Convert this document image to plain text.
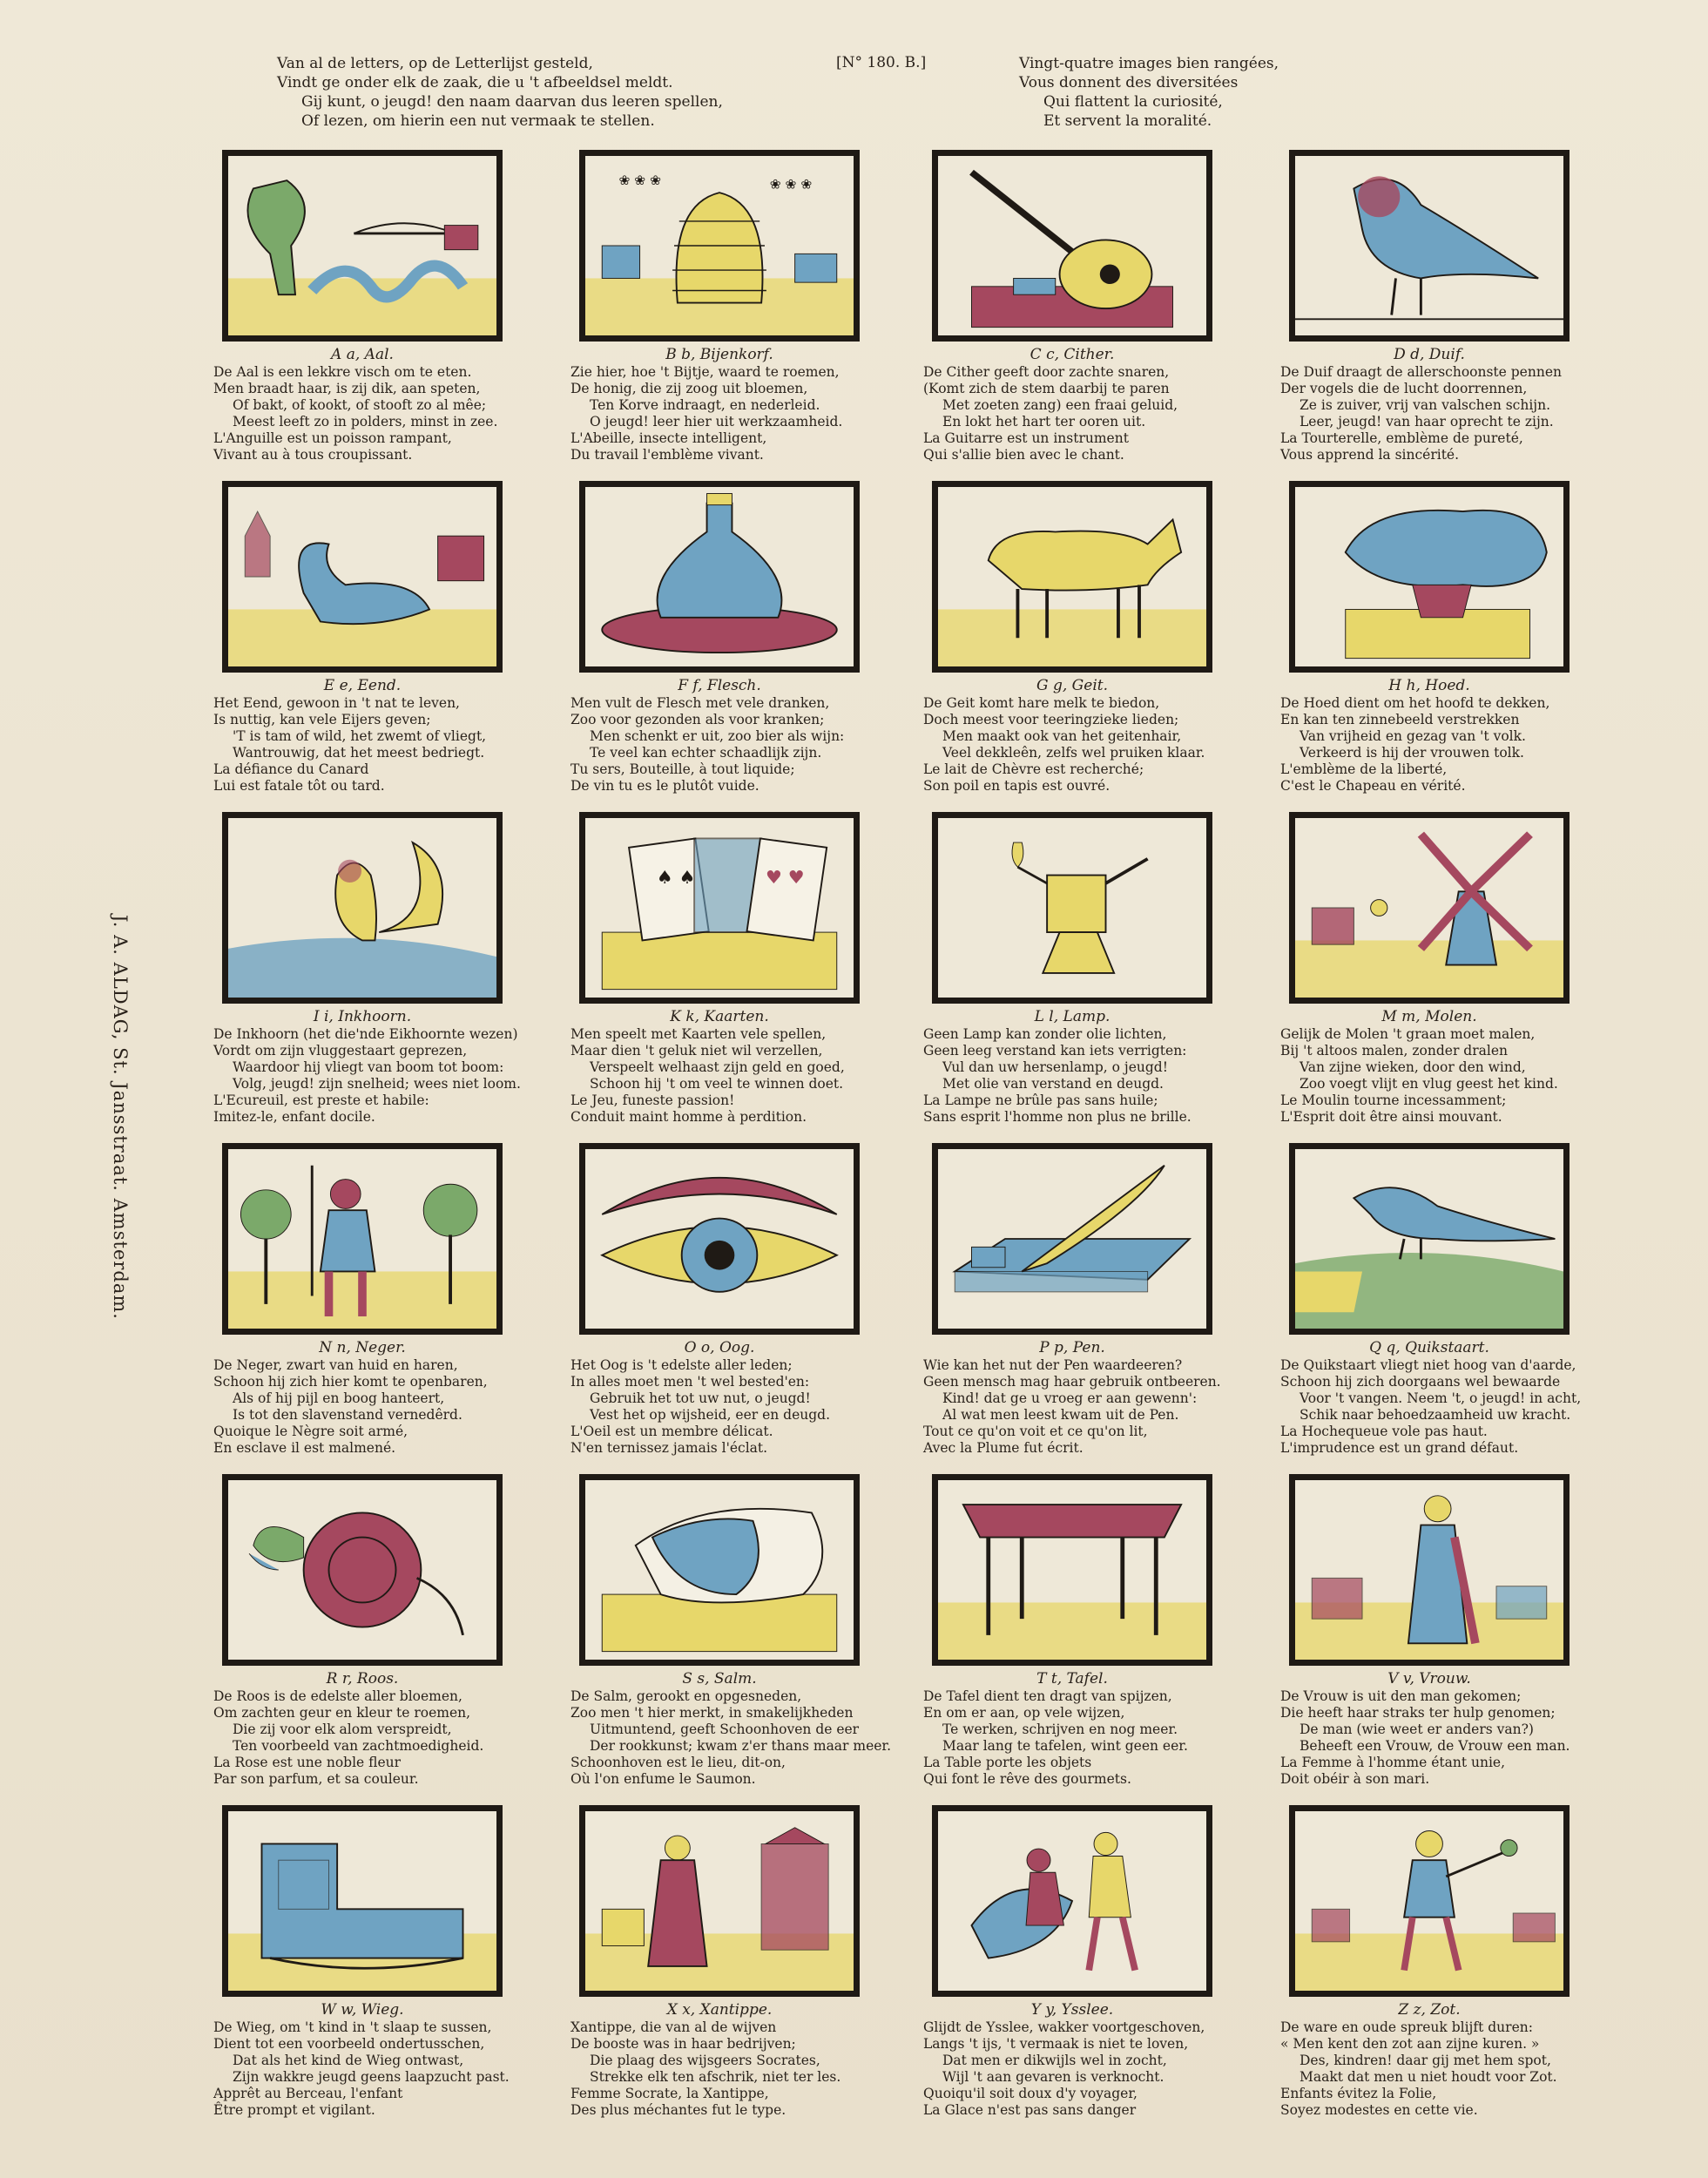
Van al de letters, op de Letterlijst gesteld,
Vindt ge onder elk de zaak, die u 't afbeeldsel meldt.
Gij kunt, o jeugd! den naam daarvan dus leeren spellen,
Of lezen, om hierin een nut vermaak te stellen.
[N° 180. B.]	Vingt-quatre images bien rangées,
Vous donnent des diversitées
Qui flattent la curiosité,
Et servent la moralité.
J. A. ALDAG, St. Jansstraat. Amsterdam.
A a, Aal.
De Aal is een lekkre visch om te eten.
Men braadt haar, is zij dik, aan speten,
Of bakt, of kookt, of stooft zo al mêe;
Meest leeft zo in polders, minst in zee.
L'Anguille est un poisson rampant,
Vivant au à tous croupissant.
❀ ❀ ❀	❀ ❀ ❀
B b, Bijenkorf.
Zie hier, hoe 't Bijtje, waard te roemen,
De honig, die zij zoog uit bloemen,
Ten Korve indraagt, en nederleid.
O jeugd! leer hier uit werkzaamheid.
L'Abeille, insecte intelligent,
Du travail l'emblème vivant.
C c, Cither.
De Cither geeft door zachte snaren,
(Komt zich de stem daarbij te paren
Met zoeten zang) een fraai geluid,
En lokt het hart ter ooren uit.
La Guitarre est un instrument
Qui s'allie bien avec le chant.
D d, Duif.
De Duif draagt de allerschoonste pennen
Der vogels die de lucht doorrennen,
Ze is zuiver, vrij van valschen schijn.
Leer, jeugd! van haar oprecht te zijn.
La Tourterelle, emblème de pureté,
Vous apprend la sincérité.
E e, Eend.
Het Eend, gewoon in 't nat te leven,
Is nuttig, kan vele Eijers geven;
'T is tam of wild, het zwemt of vliegt,
Wantrouwig, dat het meest bedriegt.
La défiance du Canard
Lui est fatale tôt ou tard.
F f, Flesch.
Men vult de Flesch met vele dranken,
Zoo voor gezonden als voor kranken;
Men schenkt er uit, zoo bier als wijn:
Te veel kan echter schaadlijk zijn.
Tu sers, Bouteille, à tout liquide;
De vin tu es le plutôt vuide.
G g, Geit.
De Geit komt hare melk te biedon,
Doch meest voor teeringzieke lieden;
Men maakt ook van het geitenhair,
Veel dekkleên, zelfs wel pruiken klaar.
Le lait de Chèvre est recherché;
Son poil en tapis est ouvré.
H h, Hoed.
De Hoed dient om het hoofd te dekken,
En kan ten zinnebeeld verstrekken
Van vrijheid en gezag van 't volk.
Verkeerd is hij der vrouwen tolk.
L'emblème de la liberté,
C'est le Chapeau en vérité.
I i, Inkhoorn.
De Inkhoorn (het die'nde Eikhoornte wezen)
Vordt om zijn vluggestaart geprezen,
Waardoor hij vliegt van boom tot boom:
Volg, jeugd! zijn snelheid; wees niet loom.
L'Ecureuil, est preste et habile:
Imitez-le, enfant docile.
♠ ♠	♥ ♥
K k, Kaarten.
Men speelt met Kaarten vele spellen,
Maar dien 't geluk niet wil verzellen,
Verspeelt welhaast zijn geld en goed,
Schoon hij 't om veel te winnen doet.
Le Jeu, funeste passion!
Conduit maint homme à perdition.
L l, Lamp.
Geen Lamp kan zonder olie lichten,
Geen leeg verstand kan iets verrigten:
Vul dan uw hersenlamp, o jeugd!
Met olie van verstand en deugd.
La Lampe ne brûle pas sans huile;
Sans esprit l'homme non plus ne brille.
M m, Molen.
Gelijk de Molen 't graan moet malen,
Bij 't altoos malen, zonder dralen
Van zijne wieken, door den wind,
Zoo voegt vlijt en vlug geest het kind.
Le Moulin tourne incessamment;
L'Esprit doit être ainsi mouvant.
N n, Neger.
De Neger, zwart van huid en haren,
Schoon hij zich hier komt te openbaren,
Als of hij pijl en boog hanteert,
Is tot den slavenstand vernedêrd.
Quoique le Nègre soit armé,
En esclave il est malmené.
O o, Oog.
Het Oog is 't edelste aller leden;
In alles moet men 't wel bested'en:
Gebruik het tot uw nut, o jeugd!
Vest het op wijsheid, eer en deugd.
L'Oeil est un membre délicat.
N'en ternissez jamais l'éclat.
P p, Pen.
Wie kan het nut der Pen waardeeren?
Geen mensch mag haar gebruik ontbeeren.
Kind! dat ge u vroeg er aan gewenn':
Al wat men leest kwam uit de Pen.
Tout ce qu'on voit et ce qu'on lit,
Avec la Plume fut écrit.
Q q, Quikstaart.
De Quikstaart vliegt niet hoog van d'aarde,
Schoon hij zich doorgaans wel bewaarde
Voor 't vangen. Neem 't, o jeugd! in acht,
Schik naar behoedzaamheid uw kracht.
La Hochequeue vole pas haut.
L'imprudence est un grand défaut.
R r, Roos.
De Roos is de edelste aller bloemen,
Om zachten geur en kleur te roemen,
Die zij voor elk alom verspreidt,
Ten voorbeeld van zachtmoedigheid.
La Rose est une noble fleur
Par son parfum, et sa couleur.
S s, Salm.
De Salm, gerookt en opgesneden,
Zoo men 't hier merkt, in smakelijkheden
Uitmuntend, geeft Schoonhoven de eer
Der rookkunst; kwam z'er thans maar meer.
Schoonhoven est le lieu, dit-on,
Où l'on enfume le Saumon.
T t, Tafel.
De Tafel dient ten dragt van spijzen,
En om er aan, op vele wijzen,
Te werken, schrijven en nog meer.
Maar lang te tafelen, wint geen eer.
La Table porte les objets
Qui font le rêve des gourmets.
V v, Vrouw.
De Vrouw is uit den man gekomen;
Die heeft haar straks ter hulp genomen;
De man (wie weet er anders van?)
Beheeft een Vrouw, de Vrouw een man.
La Femme à l'homme étant unie,
Doit obéir à son mari.
W w, Wieg.
De Wieg, om 't kind in 't slaap te sussen,
Dient tot een voorbeeld ondertusschen,
Dat als het kind de Wieg ontwast,
Zijn wakkre jeugd geens laapzucht past.
Apprêt au Berceau, l'enfant
Être prompt et vigilant.
X x, Xantippe.
Xantippe, die van al de wijven
De booste was in haar bedrijven;
Die plaag des wijsgeers Socrates,
Strekke elk ten afschrik, niet ter les.
Femme Socrate, la Xantippe,
Des plus méchantes fut le type.
Y y, Ysslee.
Glijdt de Ysslee, wakker voortgeschoven,
Langs 't ijs, 't vermaak is niet te loven,
Dat men er dikwijls wel in zocht,
Wijl 't aan gevaren is verknocht.
Quoiqu'il soit doux d'y voyager,
La Glace n'est pas sans danger
Z z, Zot.
De ware en oude spreuk blijft duren:
« Men kent den zot aan zijne kuren. »
Des, kindren! daar gij met hem spot,
Maakt dat men u niet houdt voor Zot.
Enfants évitez la Folie,
Soyez modestes en cette vie.
